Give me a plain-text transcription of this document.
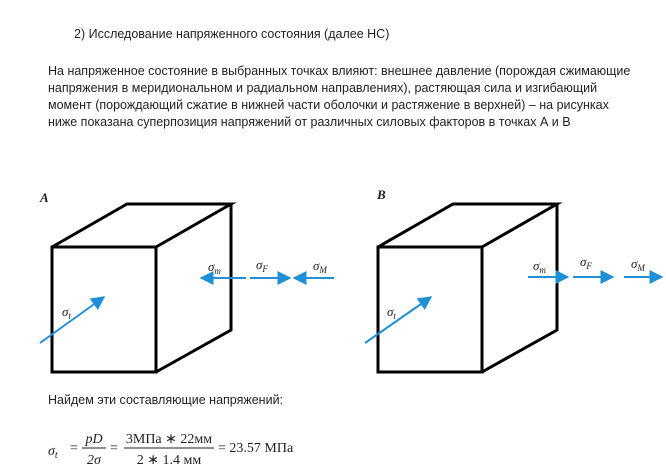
2) Исследование напряженного состояния (далее НС)
На напряженное состояние в выбранных точках влияют: внешнее давление (порождая сжимающие
напряжения в меридиональном и радиальном направлениях), растяющая сила и изгибающий
момент (порождающий сжатие в нижней части оболочки и растяжение в верхней) – на рисунках
ниже показана суперпозиция напряжений от различных силовых факторов в точках А и В
A
$\sigma_t$
$\sigma_m$	$\sigma_F$	$\sigma_M$
B
$\sigma_t$
$\sigma_m$
$\sigma_F$	$\sigma_M$
Найдем эти составляющие напряжений:
$\sigma_t$ =
pD
2σ
=
3МПа ∗ 22мм
2 ∗ 1.4 мм
= 23.57 МПа
